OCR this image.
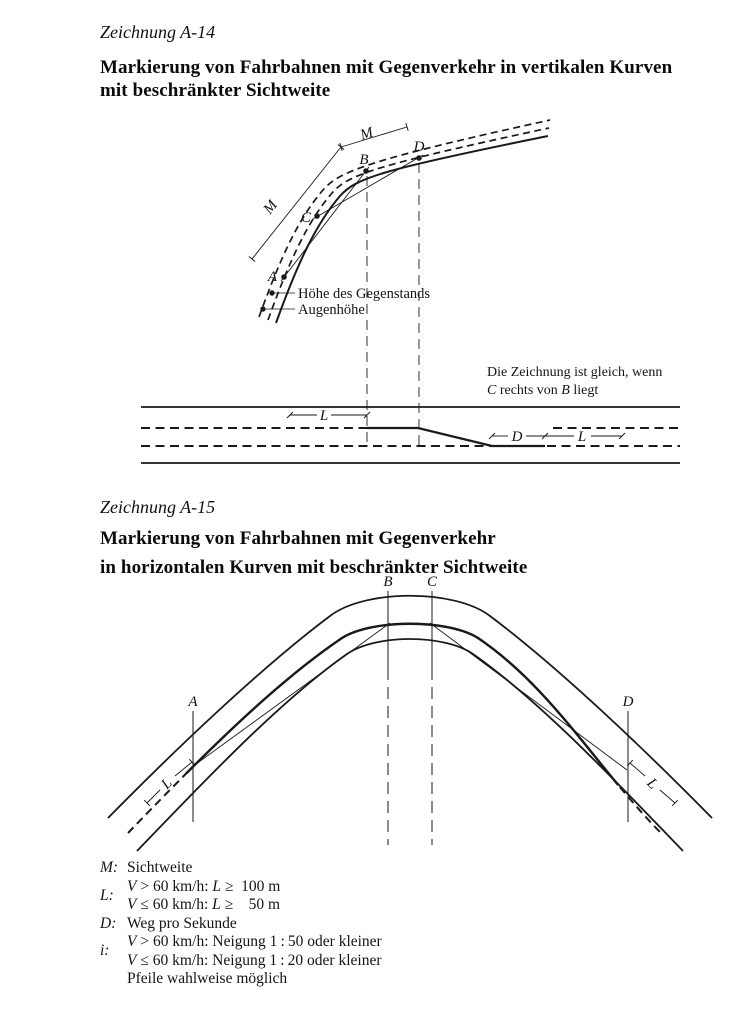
Zeichnung A-14
Markierung von Fahrbahnen mit Gegenverkehr in vertikalen Kurven
mit beschränkter Sichtweite
A
B
C
D
M
M
L
D	L
L	L
A
B C
D
Höhe des Gegenstands
Augenhöhe
Die Zeichnung ist gleich, wenn
C rechts von B liegt
Zeichnung A-15
Markierung von Fahrbahnen mit Gegenverkehr
in horizontalen Kurven mit beschränkter Sichtweite
M: Sichtweite
L:
V > 60 km/h: L ≥  100 m
V ≤ 60 km/h: L ≥    50 m
D: Weg pro Sekunde
i:
V > 60 km/h: Neigung 1 : 50 oder kleiner
V ≤ 60 km/h: Neigung 1 : 20 oder kleiner
Pfeile wahlweise möglich
